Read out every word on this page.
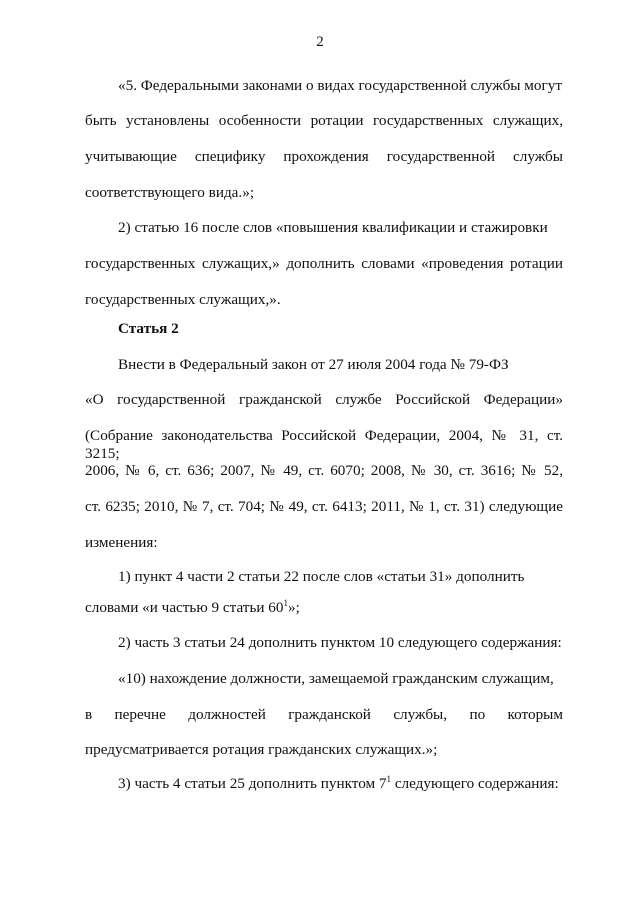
2
«5. Федеральными законами о видах государственной службы могут
быть установлены особенности ротации государственных служащих,
учитывающие специфику прохождения государственной службы
соответствующего вида.»;
2) статью 16 после слов «повышения квалификации и стажировки
государственных служащих,» дополнить словами «проведения ротации
государственных служащих,».
Статья 2
Внести в Федеральный закон от 27 июля 2004 года № 79-ФЗ
«О государственной гражданской службе Российской Федерации»
(Собрание законодательства Российской Федерации, 2004, № 31, ст. 3215;
2006, № 6, ст. 636; 2007, № 49, ст. 6070; 2008, № 30, ст. 3616; № 52,
ст. 6235; 2010, № 7, ст. 704; № 49, ст. 6413; 2011, № 1, ст. 31) следующие
изменения:
1) пункт 4 части 2 статьи 22 после слов «статьи 31» дополнить
словами «и частью 9 статьи $60^1$»;
2) часть 3 статьи 24 дополнить пунктом 10 следующего содержания:
«10) нахождение должности, замещаемой гражданским служащим,
в перечне должностей гражданской службы, по которым
предусматривается ротация гражданских служащих.»;
3) часть 4 статьи 25 дополнить пунктом $7^1$ следующего содержания:
